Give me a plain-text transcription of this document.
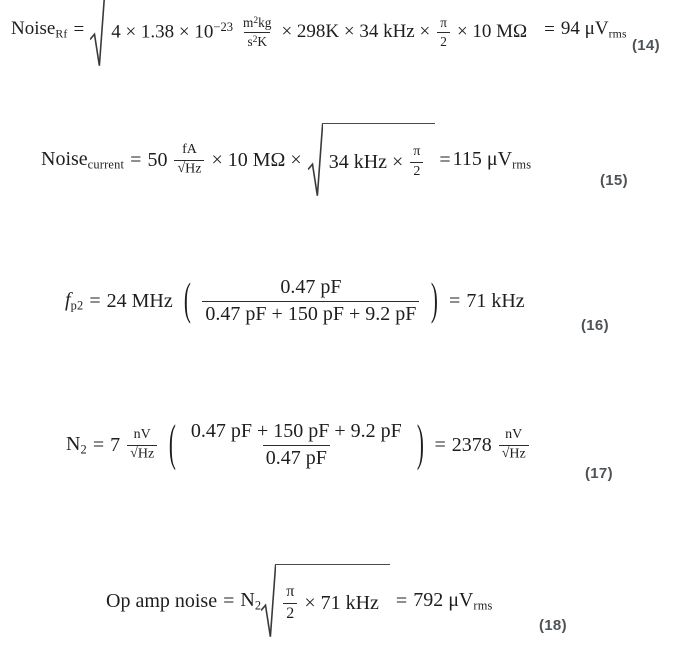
Noise$_{Rf}$ = $4 \times 1.38 \times 10^{-23} \frac{m^2kg}{s^2K} \times 298K \times 34$ kHz × $\frac{\pi}{2} \times 10$ MΩ = 94 $\mu V_{rms}$
(14)
Noise$_{current}$ = $50 \frac{fA}{√Hz} \times 10$ MΩ × 34 kHz × $\frac{\pi}{2} = 115$ $\mu V_{rms}$
(15)
$f_{p2} = 24$ MHz ( $\frac{0.47 pF}{0.47 pF + 150 pF + 9.2 pF}$ ) = 71 kHz
(16)
$N_2 = 7 \frac{nV}{√Hz}$ ( $\frac{0.47 pF + 150 pF + 9.2 pF}{0.47 pF}$ ) = $2378 \frac{nV}{√Hz}$
(17)
Op amp noise = $N_2 \frac{\pi}{2} \times 71$ kHz = 792 $\mu V_{rms}$
(18)
